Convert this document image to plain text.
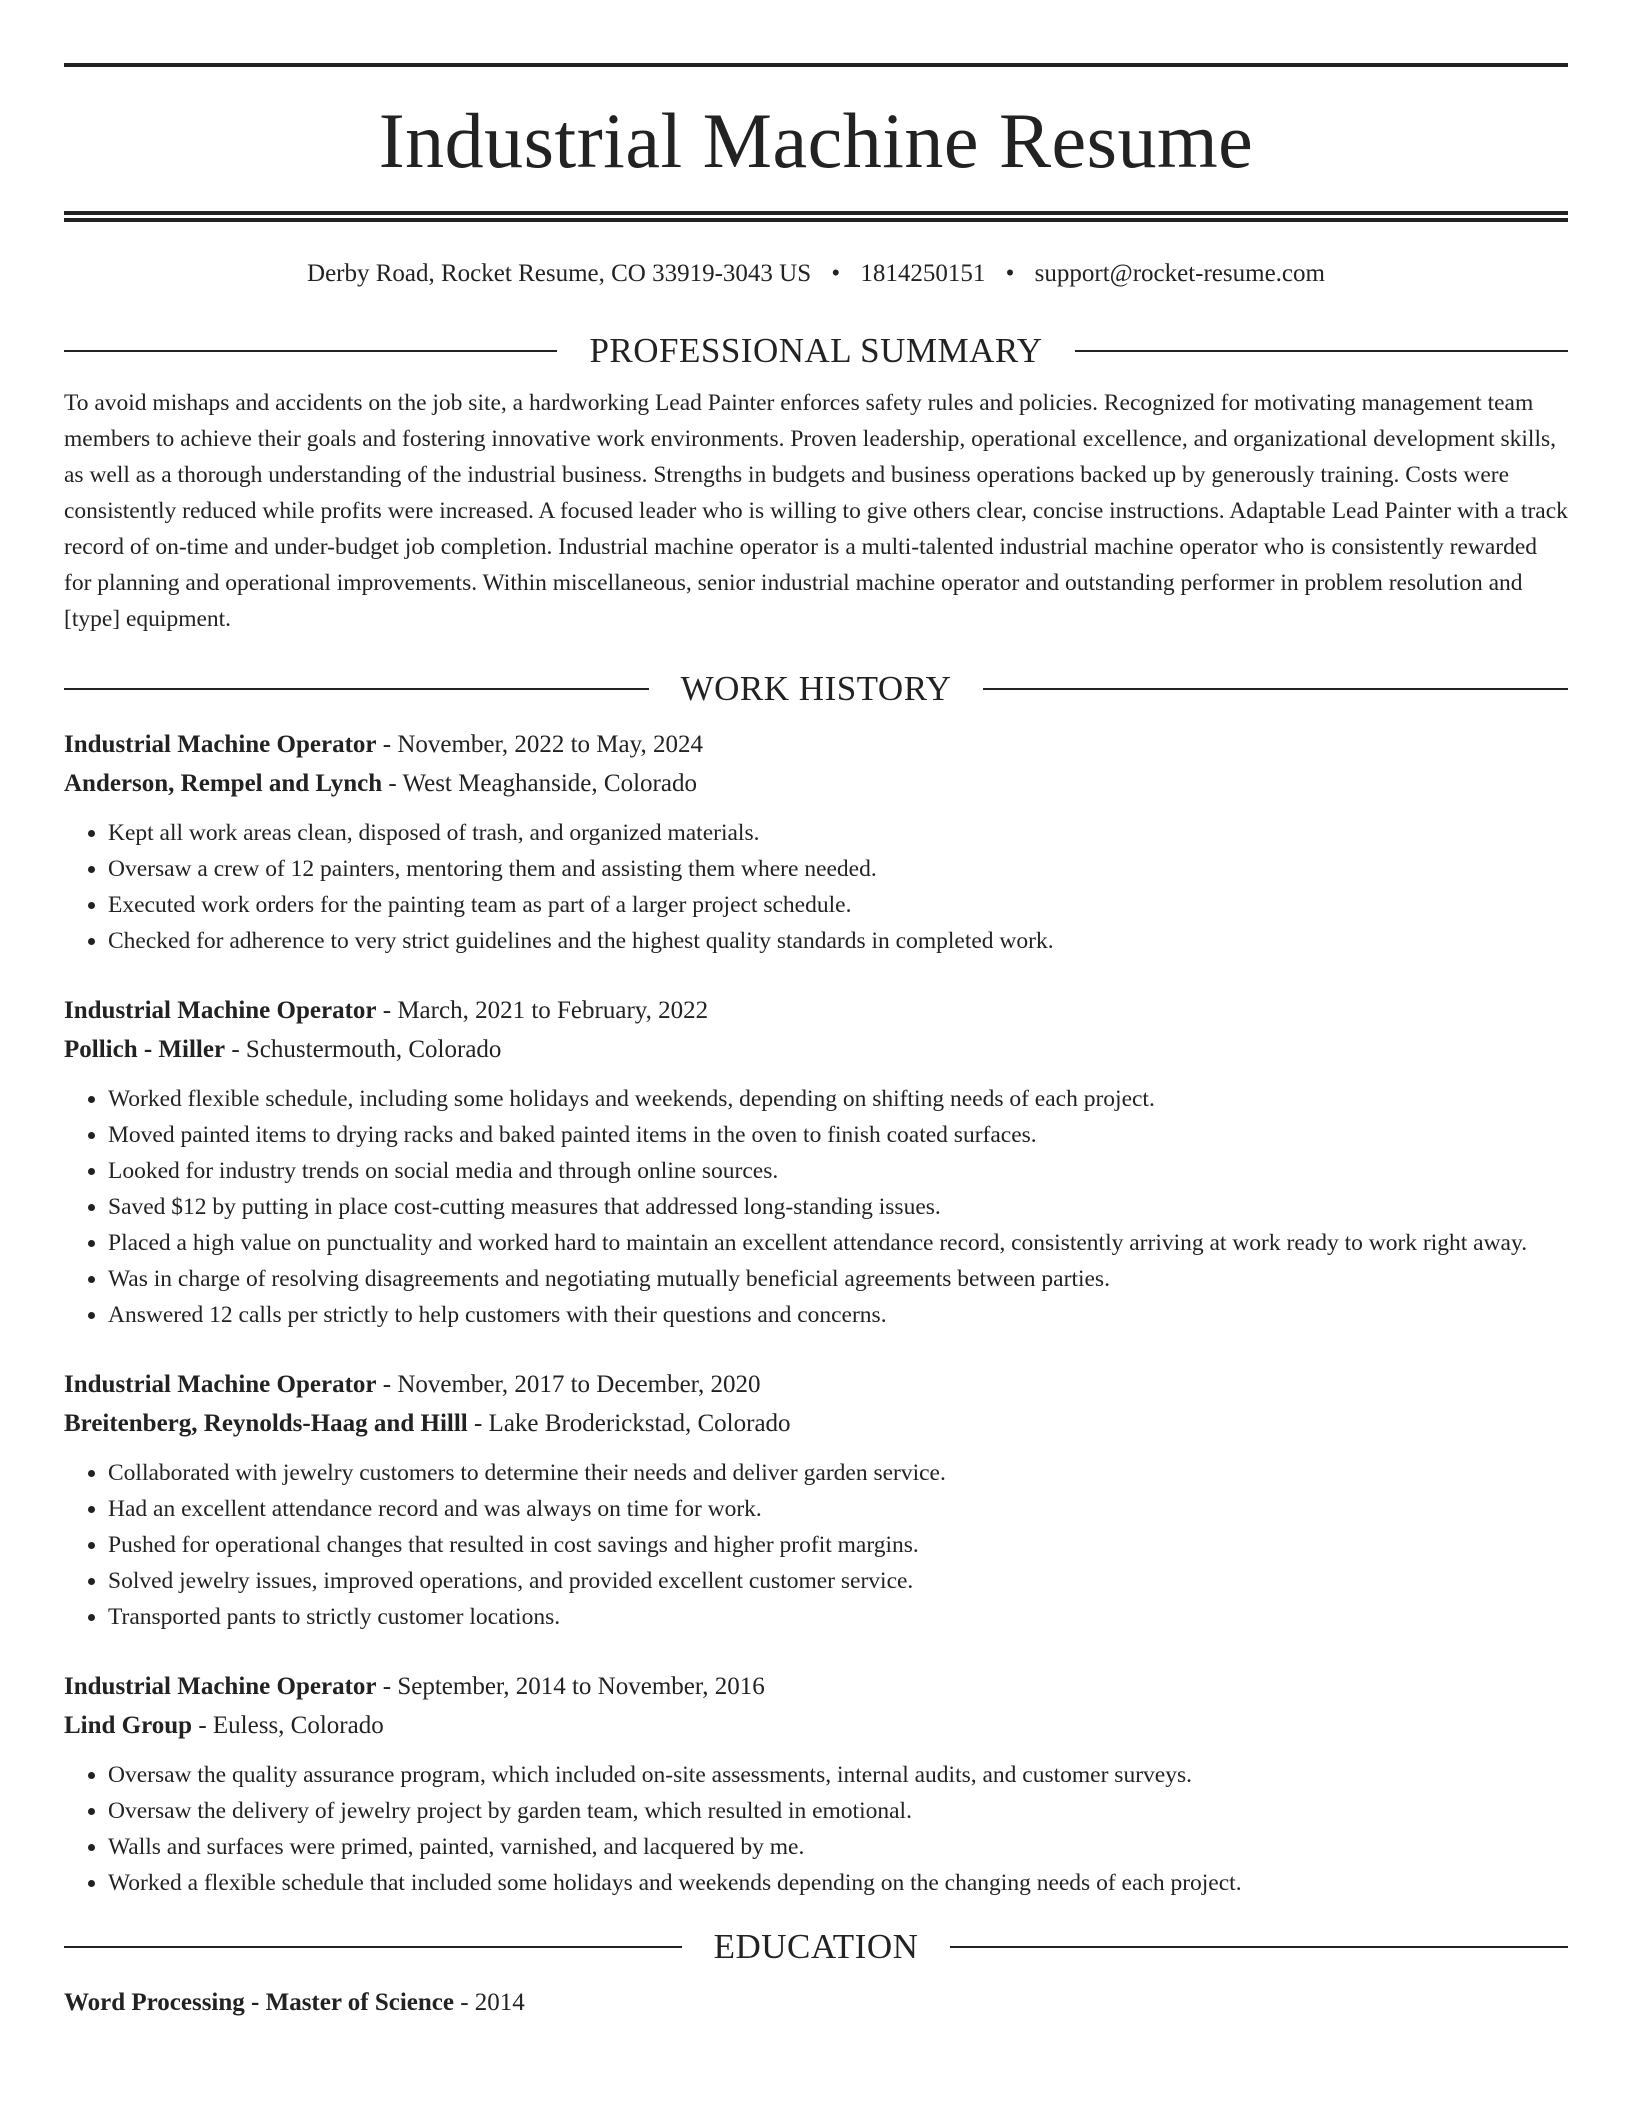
Industrial Machine Resume
Derby Road, Rocket Resume, CO 33919-3043 US • 1814250151 • support@rocket-resume.com
PROFESSIONAL SUMMARY

To avoid mishaps and accidents on the job site, a hardworking Lead Painter enforces safety rules and policies. Recognized for motivating management team members to achieve their goals and fostering innovative work environments. Proven leadership, operational excellence, and organizational development skills, as well as a thorough understanding of the industrial business. Strengths in budgets and business operations backed up by generously training. Costs were consistently reduced while profits were increased. A focused leader who is willing to give others clear, concise instructions. Adaptable Lead Painter with a track record of on-time and under-budget job completion. Industrial machine operator is a multi-talented industrial machine operator who is consistently rewarded for planning and operational improvements. Within miscellaneous, senior industrial machine operator and outstanding performer in problem resolution and [type] equipment.

WORK HISTORY
Industrial Machine Operator - November, 2022 to May, 2024
Anderson, Rempel and Lynch - West Meaghanside, Colorado
• Kept all work areas clean, disposed of trash, and organized materials.
• Oversaw a crew of 12 painters, mentoring them and assisting them where needed.
• Executed work orders for the painting team as part of a larger project schedule.
• Checked for adherence to very strict guidelines and the highest quality standards in completed work.
Industrial Machine Operator - March, 2021 to February, 2022
Pollich - Miller - Schustermouth, Colorado
• Worked flexible schedule, including some holidays and weekends, depending on shifting needs of each project.
• Moved painted items to drying racks and baked painted items in the oven to finish coated surfaces.
• Looked for industry trends on social media and through online sources.
• Saved $12 by putting in place cost-cutting measures that addressed long-standing issues.
• Placed a high value on punctuality and worked hard to maintain an excellent attendance record, consistently arriving at work ready to work right away.
• Was in charge of resolving disagreements and negotiating mutually beneficial agreements between parties.
• Answered 12 calls per strictly to help customers with their questions and concerns.
Industrial Machine Operator - November, 2017 to December, 2020
Breitenberg, Reynolds-Haag and Hilll - Lake Broderickstad, Colorado
• Collaborated with jewelry customers to determine their needs and deliver garden service.
• Had an excellent attendance record and was always on time for work.
• Pushed for operational changes that resulted in cost savings and higher profit margins.
• Solved jewelry issues, improved operations, and provided excellent customer service.
• Transported pants to strictly customer locations.
Industrial Machine Operator - September, 2014 to November, 2016
Lind Group - Euless, Colorado
• Oversaw the quality assurance program, which included on-site assessments, internal audits, and customer surveys.
• Oversaw the delivery of jewelry project by garden team, which resulted in emotional.
• Walls and surfaces were primed, painted, varnished, and lacquered by me.
• Worked a flexible schedule that included some holidays and weekends depending on the changing needs of each project.
EDUCATION
Word Processing - Master of Science - 2014
